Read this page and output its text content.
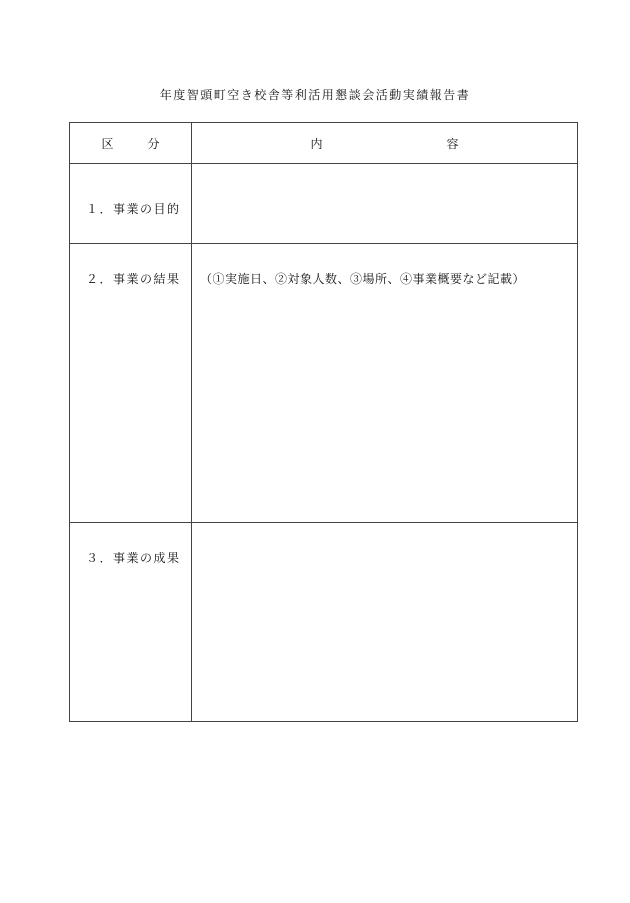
年度智頭町空き校舎等利活用懇談会活動実績報告書
区 分	内 容

１．事業の目的	

２．事業の結果	（①実施日、②対象人数、③場所、④事業概要など記載）

３．事業の成果	
